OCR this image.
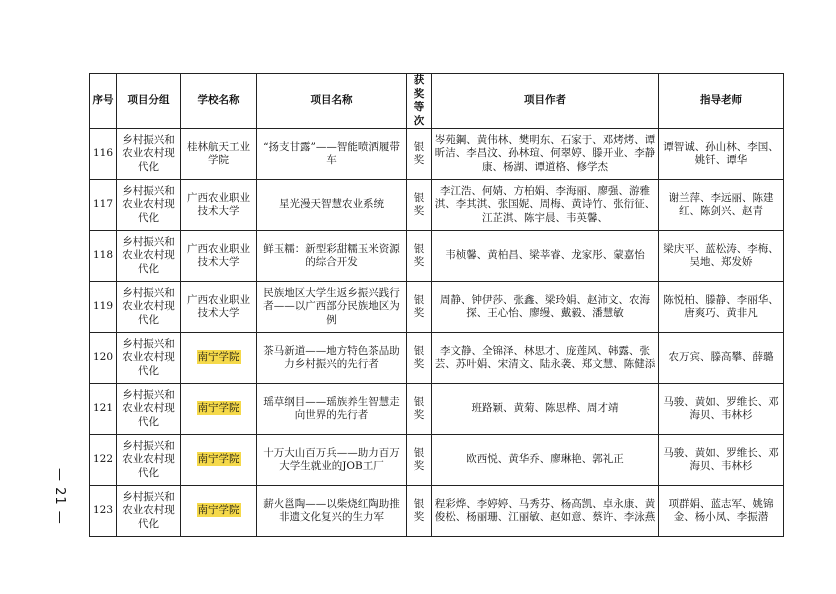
— 21 —
序号	项目分组	学校名称	项目名称	获奖等次	项目作者	指导老师
116	乡村振兴和农业农村现代化	桂林航天工业学院	“扬支甘露”——智能喷洒履带车	银奖	岑苑鋼、黄伟林、樊明东、石家于、邓烤烤、谭昕洁、李昌汶、孙林瑄、何翠婷、滕开业、李静康、杨湖、谭道格、修学杰	谭智诚、孙山林、李国、姚钎、谭华
117	乡村振兴和农业农村现代化	广西农业职业技术大学	星光漫天智慧农业系统	银奖	李江浩、何婧、方柏娟、李海丽、廖强、游雅淇、李其淇、张国妮、周梅、黄诗竹、张衍征、江芷淇、陈宇晨、韦英馨、	谢兰萍、李远丽、陈建红、陈剑兴、赵青
118	乡村振兴和农业农村现代化	广西农业职业技术大学	鲜玉糯：新型彩甜糯玉米资源的综合开发	银奖	韦桢馨、黄柏昌、梁莘睿、龙家彤、蒙嘉怡	梁庆平、蓝松涛、李梅、吴地、郑发娇
119	乡村振兴和农业农村现代化	广西农业职业技术大学	民族地区大学生返乡振兴践行者——以广西部分民族地区为例	银奖	周静、钟伊莎、张鑫、梁玲娟、赵沛文、农海探、王心怡、廖缦、戴毅、潘慧敏	陈悦柏、滕静、李丽华、唐爽巧、黄非凡
120	乡村振兴和农业农村现代化	南宁学院	茶马新道——地方特色茶品助力乡村振兴的先行者	银奖	李文静、全锦泽、林思才、庞莲风、韩露、张芸、苏叶娟、宋清文、陆永袭、郑文慧、陈健添	农万宾、滕高攀、薛璐
121	乡村振兴和农业农村现代化	南宁学院	瑶草纲目——瑶族养生智慧走向世界的先行者	银奖	班路颖、黄菊、陈思桦、周才靖	马骏、黄如、罗维长、邓海贝、韦林杉
122	乡村振兴和农业农村现代化	南宁学院	十万大山百万兵——助力百万大学生就业的JOB工厂	银奖	欧西悦、黄华乔、廖琳艳、郭礼正	马骏、黄如、罗维长、邓海贝、韦林杉
123	乡村振兴和农业农村现代化	南宁学院	薪火邕陶——以柴烧红陶助推非遗文化复兴的生力军	银奖	程彩烨、李婷婷、马秀芬、杨高凯、卓永康、黄俊松、杨丽珊、江丽敏、赵如意、蔡许、李泳燕	项群娟、蓝志军、姚锦金、杨小凤、李振潜
